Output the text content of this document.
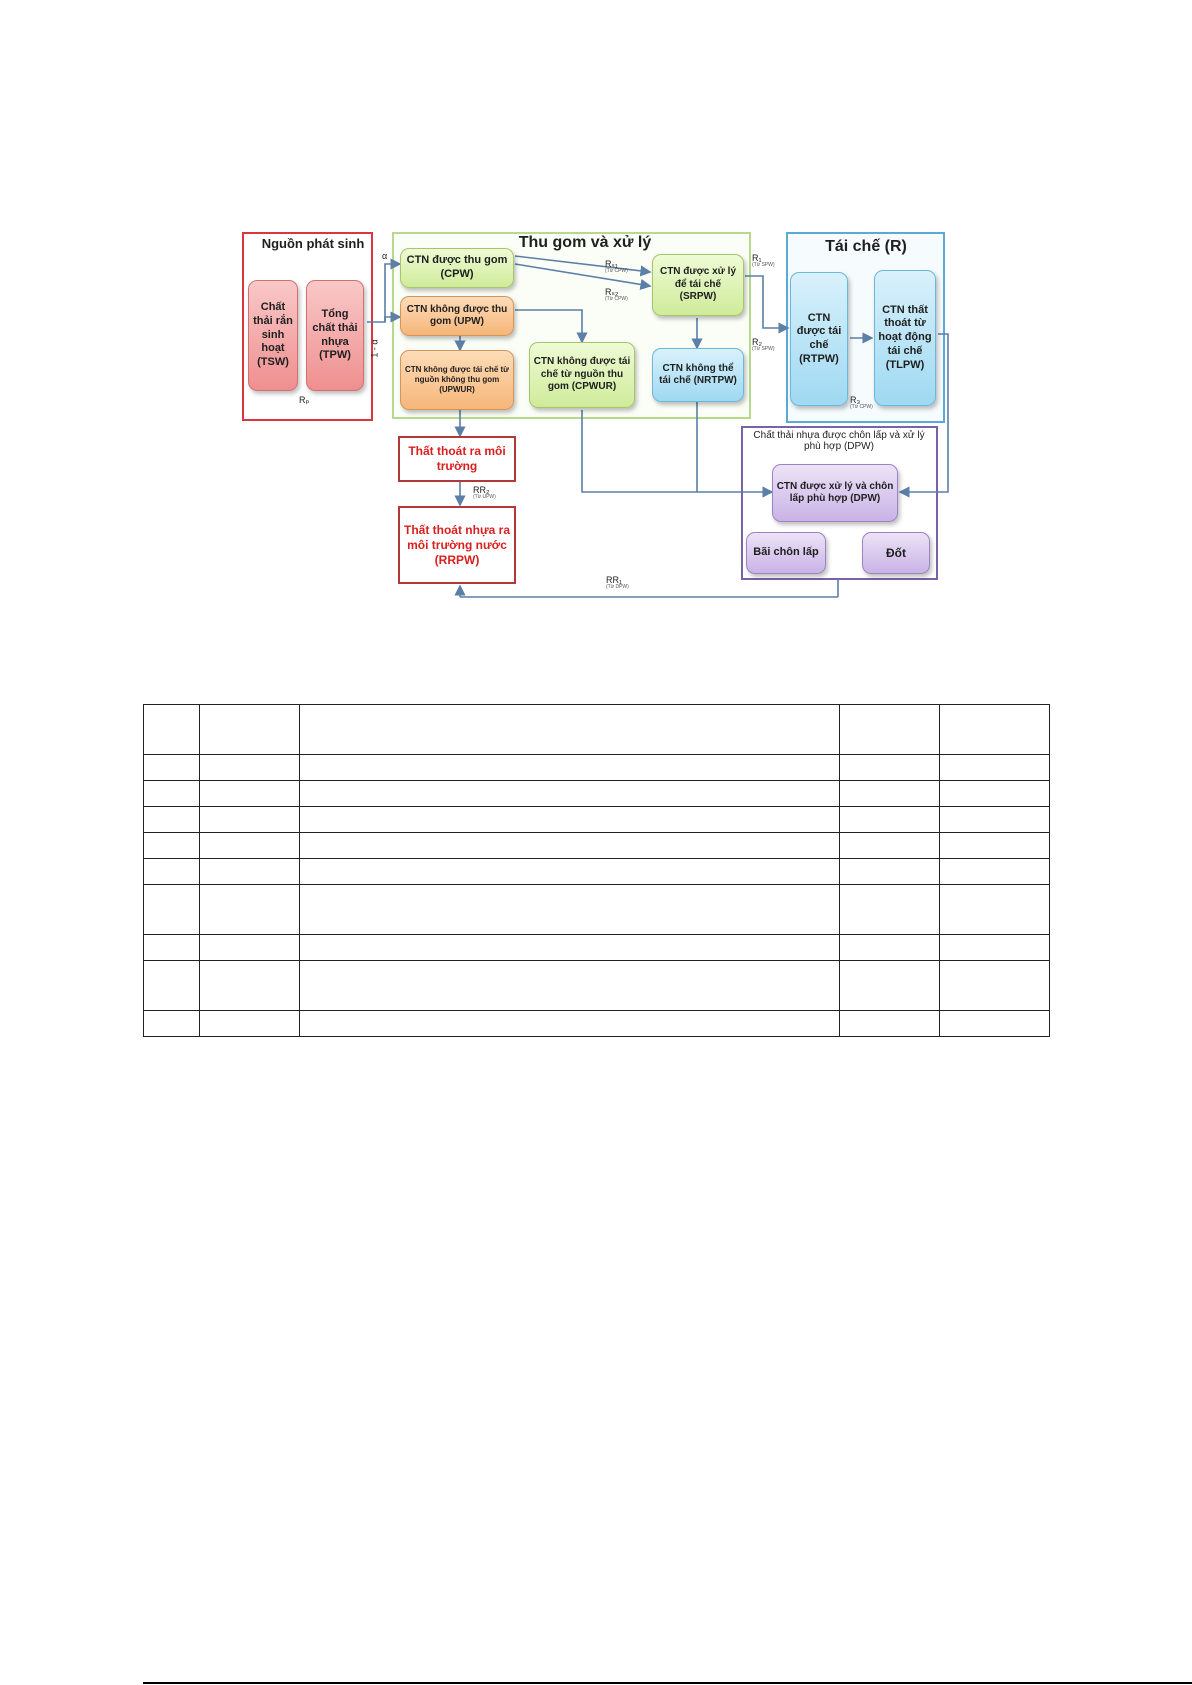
Nguồn phát sinh	Thu gom và xử lý	Tái chế (R)
Chất thải nhựa được chôn lấp và xử lý phù hợp (DPW)
Chất thải rắn sinh hoạt (TSW)
Tổng chất thải nhựa (TPW)
CTN được thu gom (CPW)
CTN không được thu gom (UPW)
CTN không được tái chế từ nguồn không thu gom (UPWUR)
CTN không được tái chế từ nguồn thu gom (CPWUR)
CTN được xử lý để tái chế (SRPW)
CTN không thể tái chế (NRTPW)
CTN được tái chế (RTPW)
CTN thất thoát từ hoạt động tái chế (TLPW)
CTN được xử lý và chôn lấp phù hợp (DPW)
Bãi chôn lấp	Đốt
Thất thoát ra môi trường
Thất thoát nhựa ra môi trường nước (RRPW)
Rₚ
α
1 - α
Rₛ₁
(Từ CPW)
Rₛ₂
(Từ CPW)
R₁
(Từ SPW)
R₂
(Từ SPW)
R₃
(Từ CPW)
RR₂
(Từ UPW)
RR₁
(Từ DPW)
